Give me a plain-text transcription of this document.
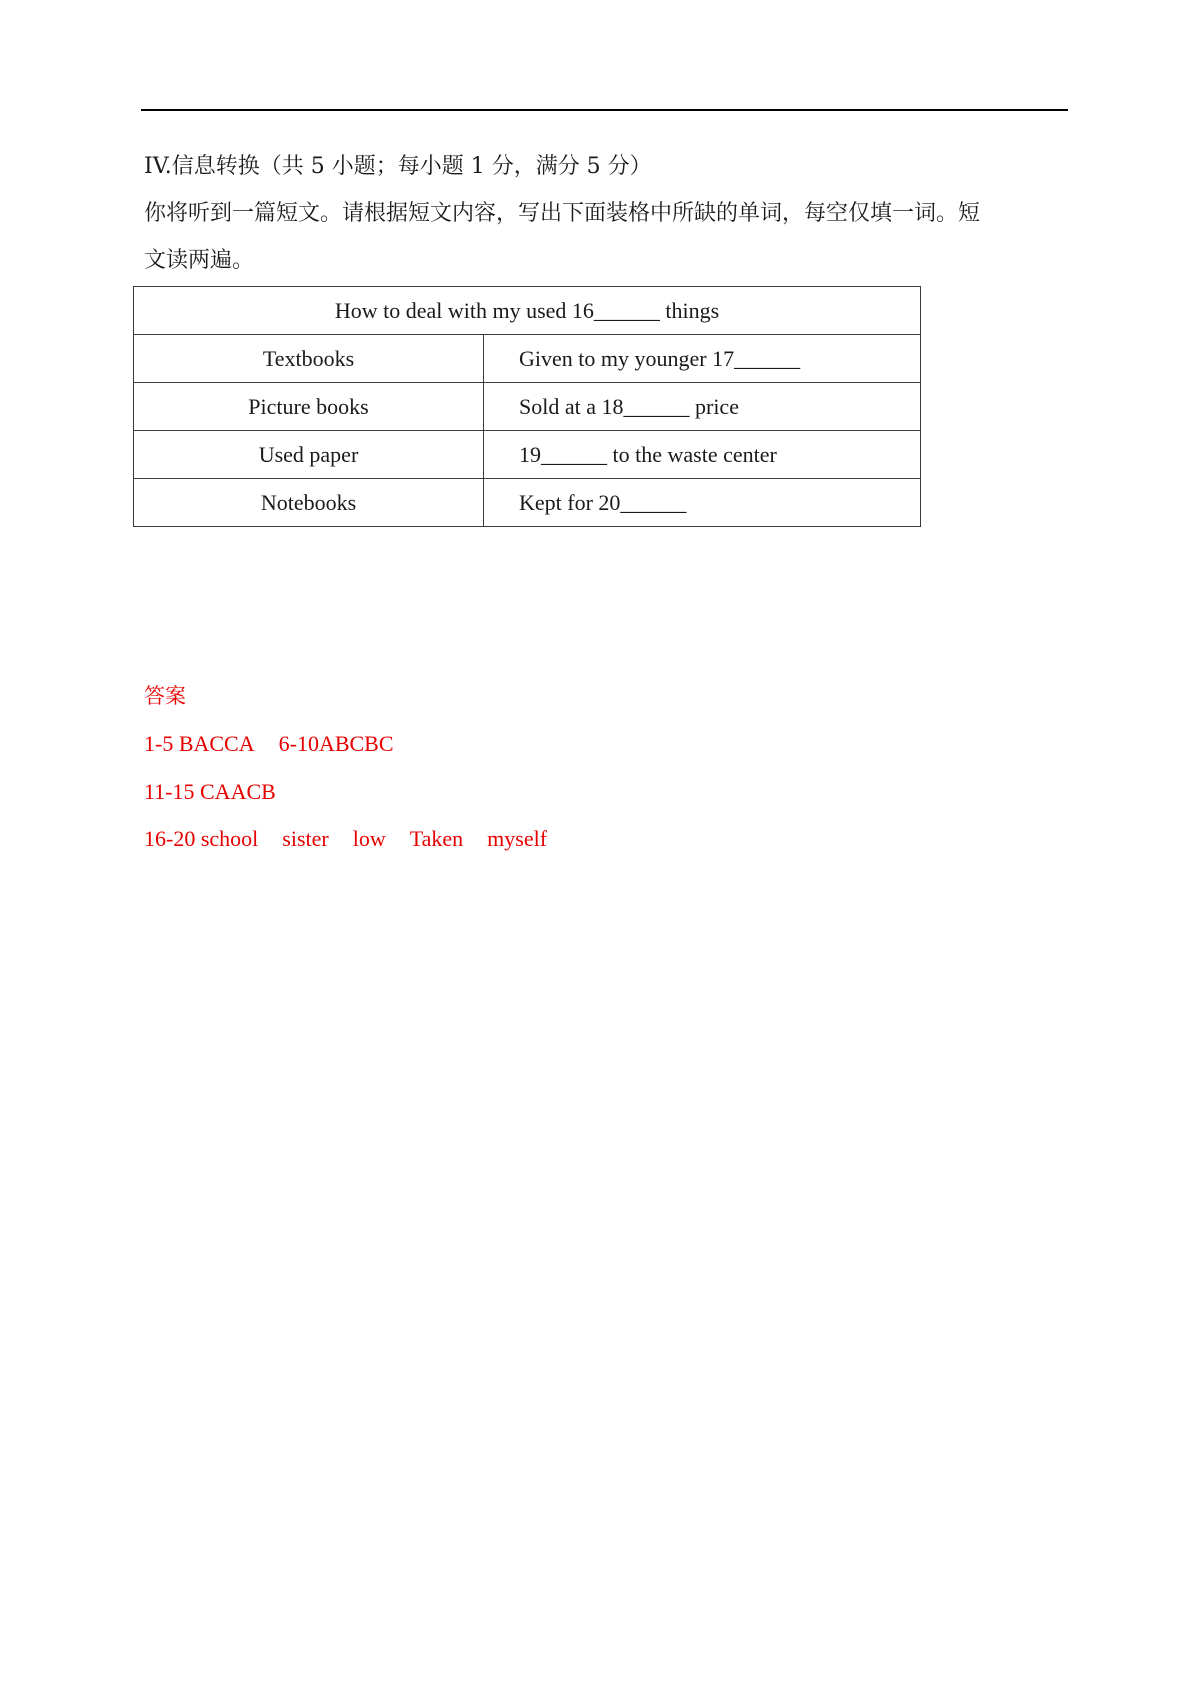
IV.信息转换（共 5 小题；每小题 1 分，满分 5 分）
你将听到一篇短文。请根据短文内容，写出下面装格中所缺的单词，每空仅填一词。短
文读两遍。
How to deal with my used 16______ things	
Textbooks	Given to my younger 17______
Picture books	Sold at a 18______ price
Used paper	19______ to the waste center
Notebooks	Kept for 20______
答案
1-5 BACCA 6-10ABCBC
11-15 CAACB
16-20 school sister low Taken myself
